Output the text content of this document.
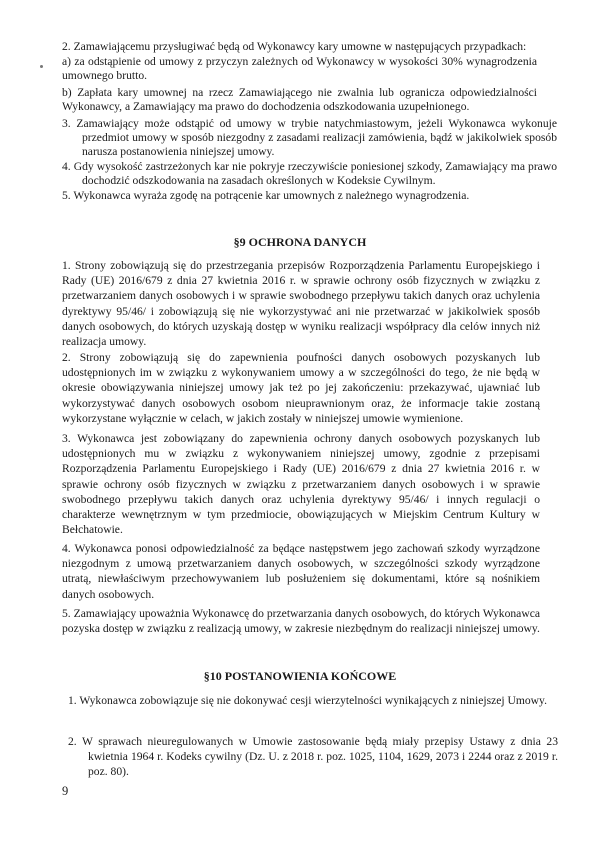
2. Zamawiającemu przysługiwać będą od Wykonawcy kary umowne w następujących przypadkach:
a) za odstąpienie od umowy z przyczyn zależnych od Wykonawcy w wysokości 30% wynagrodzenia umownego brutto.
b) Zapłata kary umownej na rzecz Zamawiającego nie zwalnia lub ogranicza odpowiedzialności Wykonawcy, a Zamawiający ma prawo do dochodzenia odszkodowania uzupełnionego.
3. Zamawiający może odstąpić od umowy w trybie natychmiastowym, jeżeli Wykonawca wykonuje przedmiot umowy w sposób niezgodny z zasadami realizacji zamówienia, bądź w jakikolwiek sposób narusza postanowienia niniejszej umowy.
4. Gdy wysokość zastrzeżonych kar nie pokryje rzeczywiście poniesionej szkody, Zamawiający ma prawo dochodzić odszkodowania na zasadach określonych w Kodeksie Cywilnym.
5. Wykonawca wyraża zgodę na potrącenie kar umownych z należnego wynagrodzenia.
§9 OCHRONA DANYCH
1. Strony zobowiązują się do przestrzegania przepisów Rozporządzenia Parlamentu Europejskiego i Rady (UE) 2016/679 z dnia 27 kwietnia 2016 r. w sprawie ochrony osób fizycznych w związku z przetwarzaniem danych osobowych i w sprawie swobodnego przepływu takich danych oraz uchylenia dyrektywy 95/46/ i zobowiązują się nie wykorzystywać ani nie przetwarzać w jakikolwiek sposób danych osobowych, do których uzyskają dostęp w wyniku realizacji współpracy dla celów innych niż realizacja umowy.
2. Strony zobowiązują się do zapewnienia poufności danych osobowych pozyskanych lub udostępnionych im w związku z wykonywaniem umowy a w szczególności do tego, że nie będą w okresie obowiązywania niniejszej umowy jak też po jej zakończeniu: przekazywać, ujawniać lub wykorzystywać danych osobowych osobom nieuprawnionym oraz, że informacje takie zostaną wykorzystane wyłącznie w celach, w jakich zostały w niniejszej umowie wymienione.
3. Wykonawca jest zobowiązany do zapewnienia ochrony danych osobowych pozyskanych lub udostępnionych mu w związku z wykonywaniem niniejszej umowy, zgodnie z przepisami Rozporządzenia Parlamentu Europejskiego i Rady (UE) 2016/679 z dnia 27 kwietnia 2016 r. w sprawie ochrony osób fizycznych w związku z przetwarzaniem danych osobowych i w sprawie swobodnego przepływu takich danych oraz uchylenia dyrektywy 95/46/ i innych regulacji o charakterze wewnętrznym w tym przedmiocie, obowiązujących w Miejskim Centrum Kultury w Bełchatowie.
4. Wykonawca ponosi odpowiedzialność za będące następstwem jego zachowań szkody wyrządzone niezgodnym z umową przetwarzaniem danych osobowych, w szczególności szkody wyrządzone utratą, niewłaściwym przechowywaniem lub posłużeniem się dokumentami, które są nośnikiem danych osobowych.
5. Zamawiający upoważnia Wykonawcę do przetwarzania danych osobowych, do których Wykonawca pozyska dostęp w związku z realizacją umowy, w zakresie niezbędnym do realizacji niniejszej umowy.
§10 POSTANOWIENIA KOŃCOWE
1. Wykonawca zobowiązuje się nie dokonywać cesji wierzytelności wynikających z niniejszej Umowy.
2. W sprawach nieuregulowanych w Umowie zastosowanie będą miały przepisy Ustawy z dnia 23 kwietnia 1964 r. Kodeks cywilny (Dz. U. z 2018 r. poz. 1025, 1104, 1629, 2073 i 2244 oraz z 2019 r. poz. 80).
9
